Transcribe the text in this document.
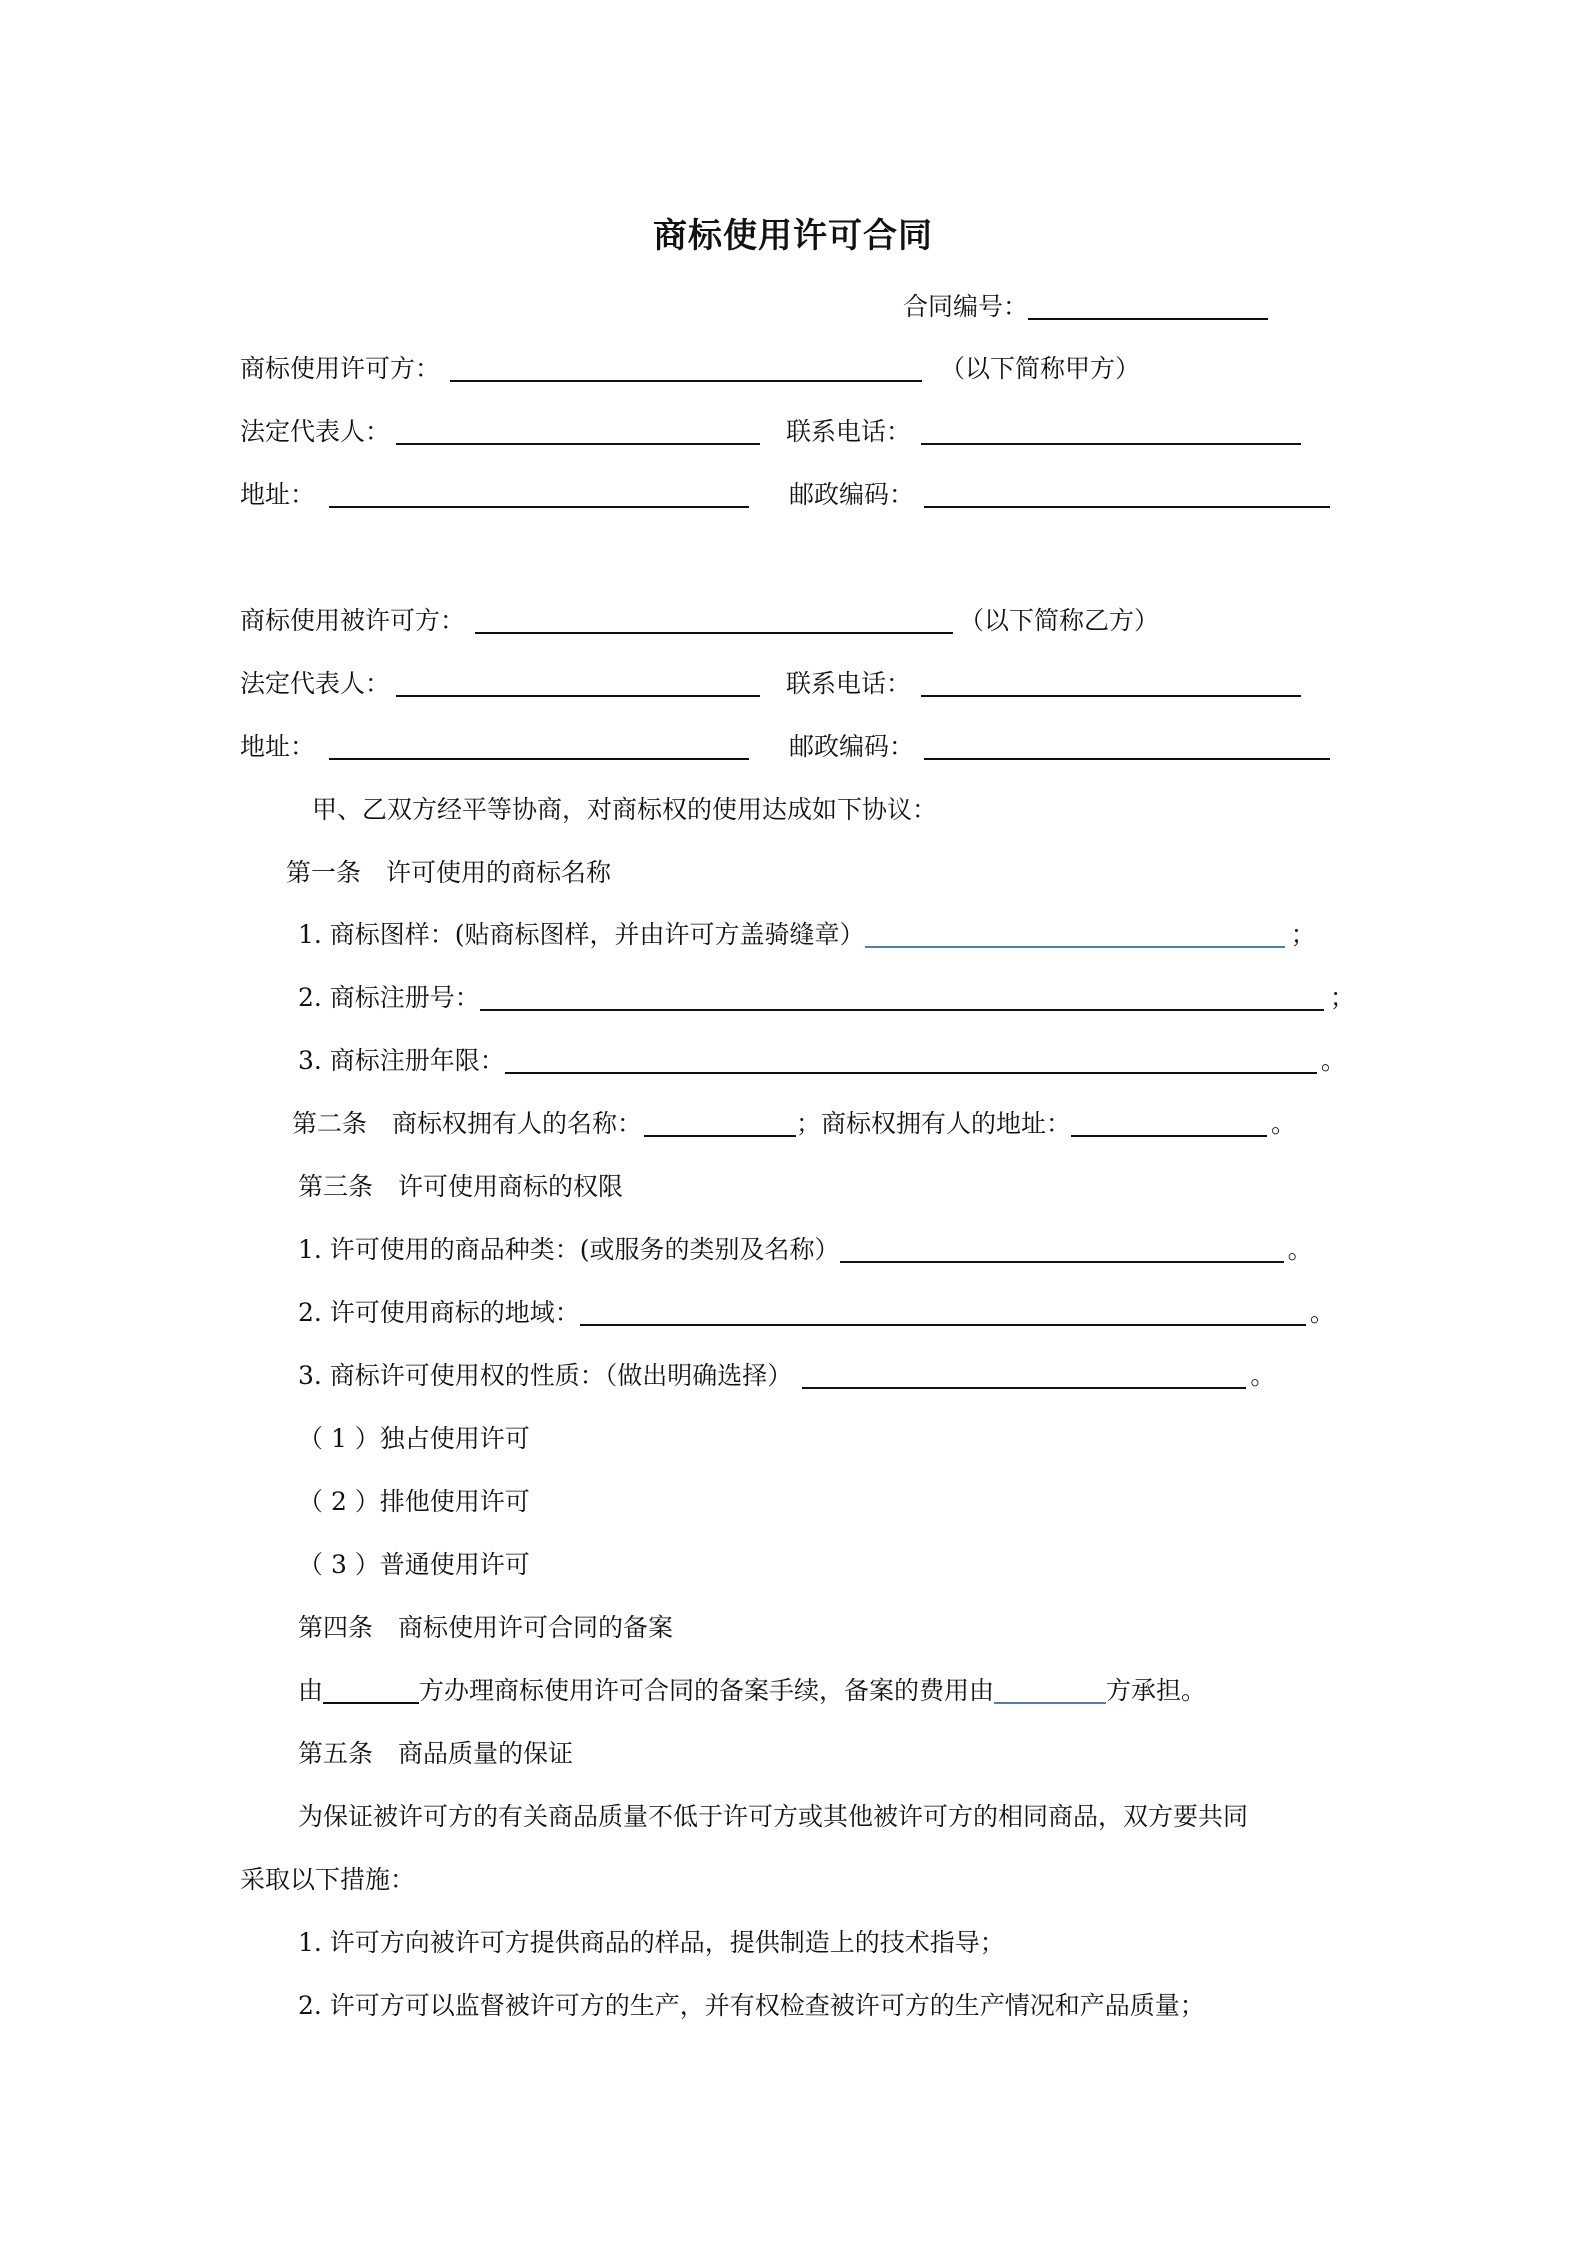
商标使用许可合同
合同编号：
商标使用许可方：	（以下简称甲方）
法定代表人：	联系电话：
地址：	邮政编码：
商标使用被许可方：	（以下简称乙方）
法定代表人：	联系电话：
地址：	邮政编码：
甲、乙双方经平等协商，对商标权的使用达成如下协议：
第一条　许可使用的商标名称
1. 商标图样：(贴商标图样，并由许可方盖骑缝章）	；
2. 商标注册号：	；
3. 商标注册年限：	。
第二条　商标权拥有人的名称：	；商标权拥有人的地址：	。
第三条　许可使用商标的权限
1. 许可使用的商品种类：(或服务的类别及名称）	。
2. 许可使用商标的地域：	。
3. 商标许可使用权的性质：（做出明确选择）	。
（ 1 ）独占使用许可
（ 2 ）排他使用许可
（ 3 ）普通使用许可
第四条　商标使用许可合同的备案
由	方办理商标使用许可合同的备案手续，备案的费用由	方承担。
第五条　商品质量的保证
为保证被许可方的有关商品质量不低于许可方或其他被许可方的相同商品，双方要共同
采取以下措施：
1. 许可方向被许可方提供商品的样品，提供制造上的技术指导；
2. 许可方可以监督被许可方的生产，并有权检查被许可方的生产情况和产品质量；
